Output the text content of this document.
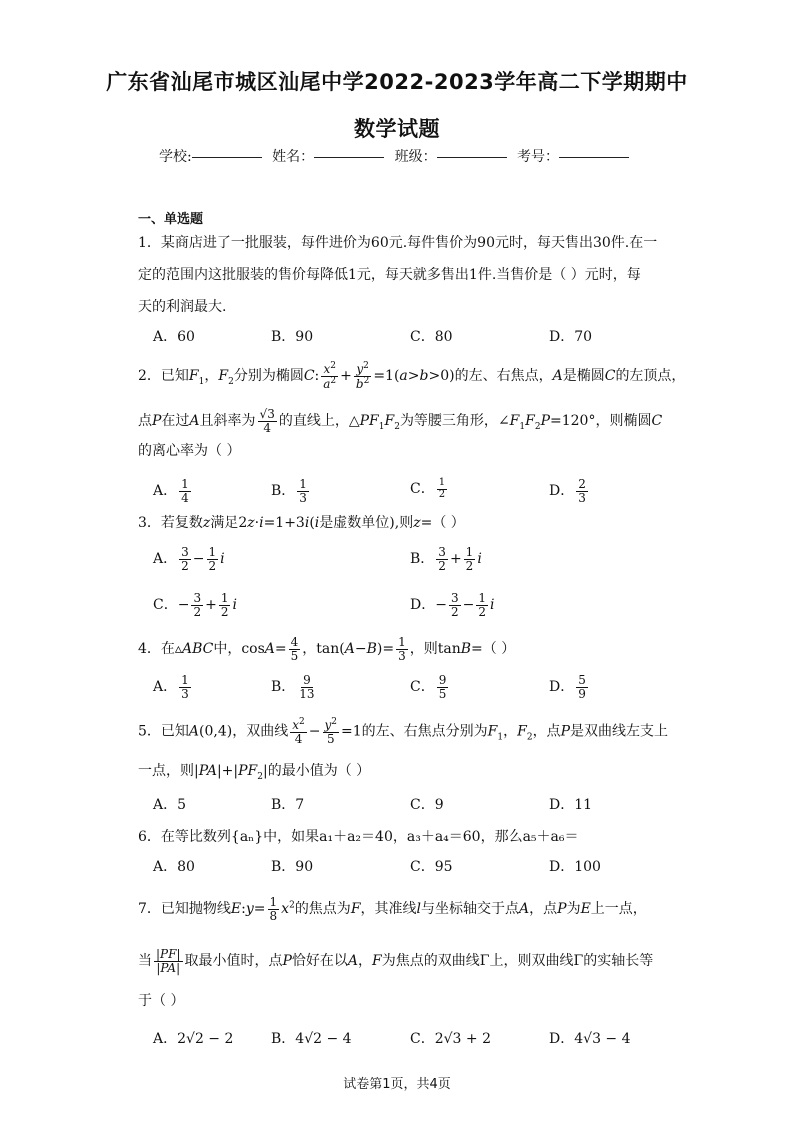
广东省汕尾市城区汕尾中学2022-2023学年高二下学期期中
数学试题
学校:	姓名：	班级：	考号：
一、单选题
1．某商店进了一批服装，每件进价为60元.每件售价为90元时，每天售出30件.在一
定的范围内这批服装的售价每降低1元，每天就多售出1件.当售价是（ ）元时，每
天的利润最大.
A．60	B．90	C．80	D．70
2．已知$F_1$，$F_2$分别为椭圆C: $\frac{x^2}{a^2} + \frac{y^2}{b^2} =1(a>b>0)$的左、右焦点，A是椭圆C的左顶点，
点P在过A且斜率为 $\frac{√3}{4}$ 的直线上，$\triangle PF_1F_2$为等腰三角形，$\angle F_1F_2P=120^\circ$，则椭圆C
的离心率为（ ）
A． $\frac{1}{4}$	B． $\frac{1}{3}$	C． $\frac{1}{2}$	D． $\frac{2}{3}$
3．若复数z满足2z·i=1+3i(i是虚数单位),则z=（ ）
A． $\frac{3}{2} - \frac{1}{2}$ i	B． $\frac{3}{2} + \frac{1}{2}$ i
C．− $\frac{3}{2} + \frac{1}{2}$ i	D．− $\frac{3}{2} - \frac{1}{2}$ i
4．在▵ABC中，$\cos A= \frac{4}{5}$ ，$\tan(A-B)= \frac{1}{3}$ ，则tanB=（ ）
A． $\frac{1}{3}$	B． $\frac{9}{13}$	C． $\frac{9}{5}$	D． $\frac{5}{9}$
5．已知A(0,4)，双曲线 $\frac{x^2}{4} - \frac{y^2}{5} =1$的左、右焦点分别为$F_1$，$F_2$，点P是双曲线左支上
一点，则$|PA|+|PF_2|$的最小值为（ ）
A．5	B．7	C．9	D．11
6．在等比数列{aₙ}中，如果a₁＋a₂＝40，a₃＋a₄＝60，那么a₅＋a₆＝
A．80	B．90	C．95	D．100
7．已知抛物线E:y= $\frac{1}{8} x^2$的焦点为F，其准线l与坐标轴交于点A，点P为E上一点，
当 $\frac{|PF|}{|PA|}$ 取最小值时，点P恰好在以A，F为焦点的双曲线Γ上，则双曲线Γ的实轴长等
于（ ）
A．2√2 − 2	B．4√2 − 4	C．2√3 + 2	D．4√3 − 4
试卷第1页，共4页
